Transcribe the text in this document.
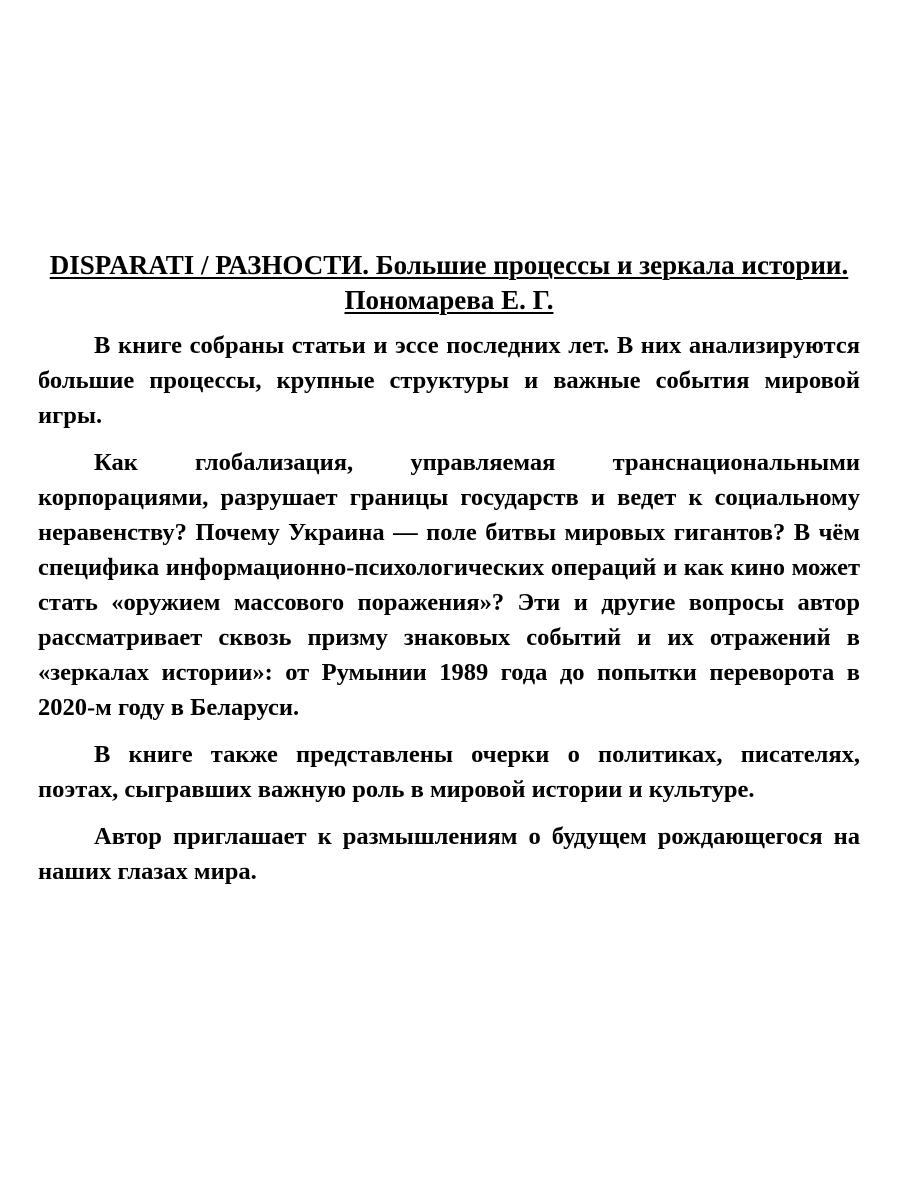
DISPARATI / РАЗНОСТИ. Большие процессы и зеркала истории. Пономарева Е. Г.

В книге собраны статьи и эссе последних лет. В них анализируются большие процессы, крупные структуры и важные события мировой игры.

Как глобализация, управляемая транснациональными корпорациями, разрушает границы государств и ведет к социальному неравенству? Почему Украина — поле битвы мировых гигантов? В чём специфика информационно-психологических операций и как кино может стать «оружием массового поражения»? Эти и другие вопросы автор рассматривает сквозь призму знаковых событий и их отражений в «зеркалах истории»: от Румынии 1989 года до попытки переворота в 2020-м году в Беларуси.

В книге также представлены очерки о политиках, писателях, поэтах, сыгравших важную роль в мировой истории и культуре.

Автор приглашает к размышлениям о будущем рождающегося на наших глазах мира.
